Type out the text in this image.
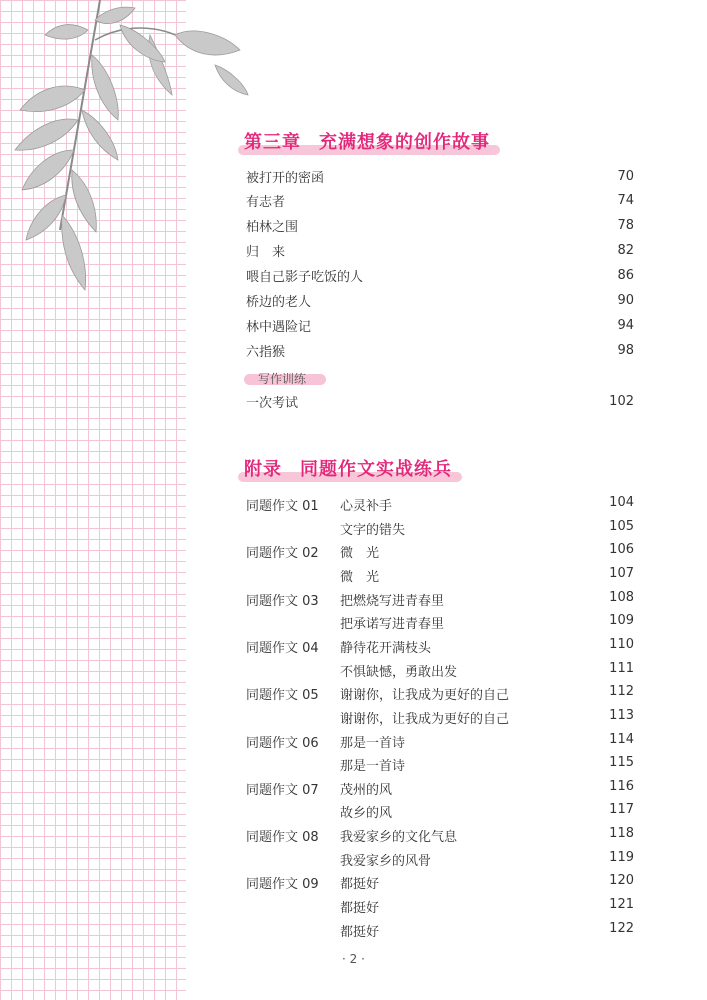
第三章 充满想象的创作故事
被打开的密函	70
有志者	74
柏林之围	78
归　来	82
喂自己影子吃饭的人	86
桥边的老人	90
林中遇险记	94
六指猴	98
写作训练
一次考试	102
附录 同题作文实战练兵
同题作文 01 心灵补手	104
文字的错失	105
同题作文 02 微　光	106
微　光	107
同题作文 03 把燃烧写进青春里	108
把承诺写进青春里	109
同题作文 04 静待花开满枝头	110
不惧缺憾，勇敢出发	111
同题作文 05 谢谢你，让我成为更好的自己	112
谢谢你，让我成为更好的自己	113
同题作文 06 那是一首诗	114
那是一首诗	115
同题作文 07 茂州的风	116
故乡的风	117
同题作文 08 我爱家乡的文化气息	118
我爱家乡的风骨	119
同题作文 09 都挺好	120
都挺好	121
都挺好	122
· 2 ·
